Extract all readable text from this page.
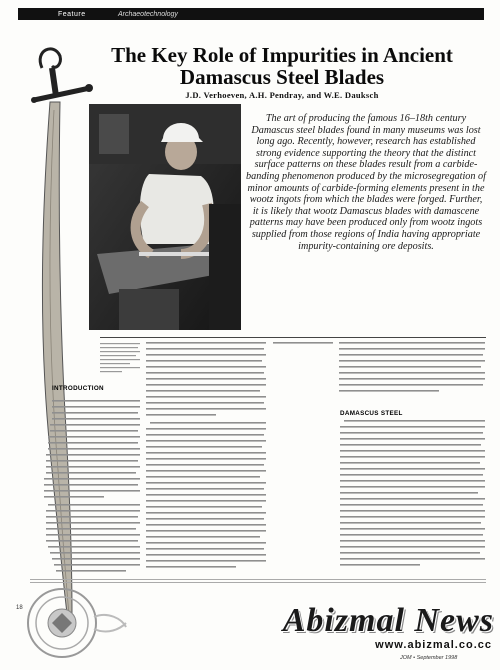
Feature	Archaeotechnology
The Key Role of Impurities in Ancient Damascus Steel Blades
J.D. Verhoeven, A.H. Pendray, and W.E. Dauksch
The art of producing the famous 16–18th century Damascus steel blades found in many museums was lost long ago. Recently, however, research has established strong evidence supporting the theory that the distinct surface patterns on these blades result from a carbide-banding phenomenon produced by the microsegregation of minor amounts of carbide-forming elements present in the wootz ingots from which the blades were forged. Further, it is likely that wootz Damascus blades with damascene patterns may have been produced only from wootz ingots supplied from those regions of India having appropriate impurity-containing ore deposits.
INTRODUCTION
DAMASCUS STEEL
18	Abizmal News
www.abizmal.co.cc
JOM • September 1998
